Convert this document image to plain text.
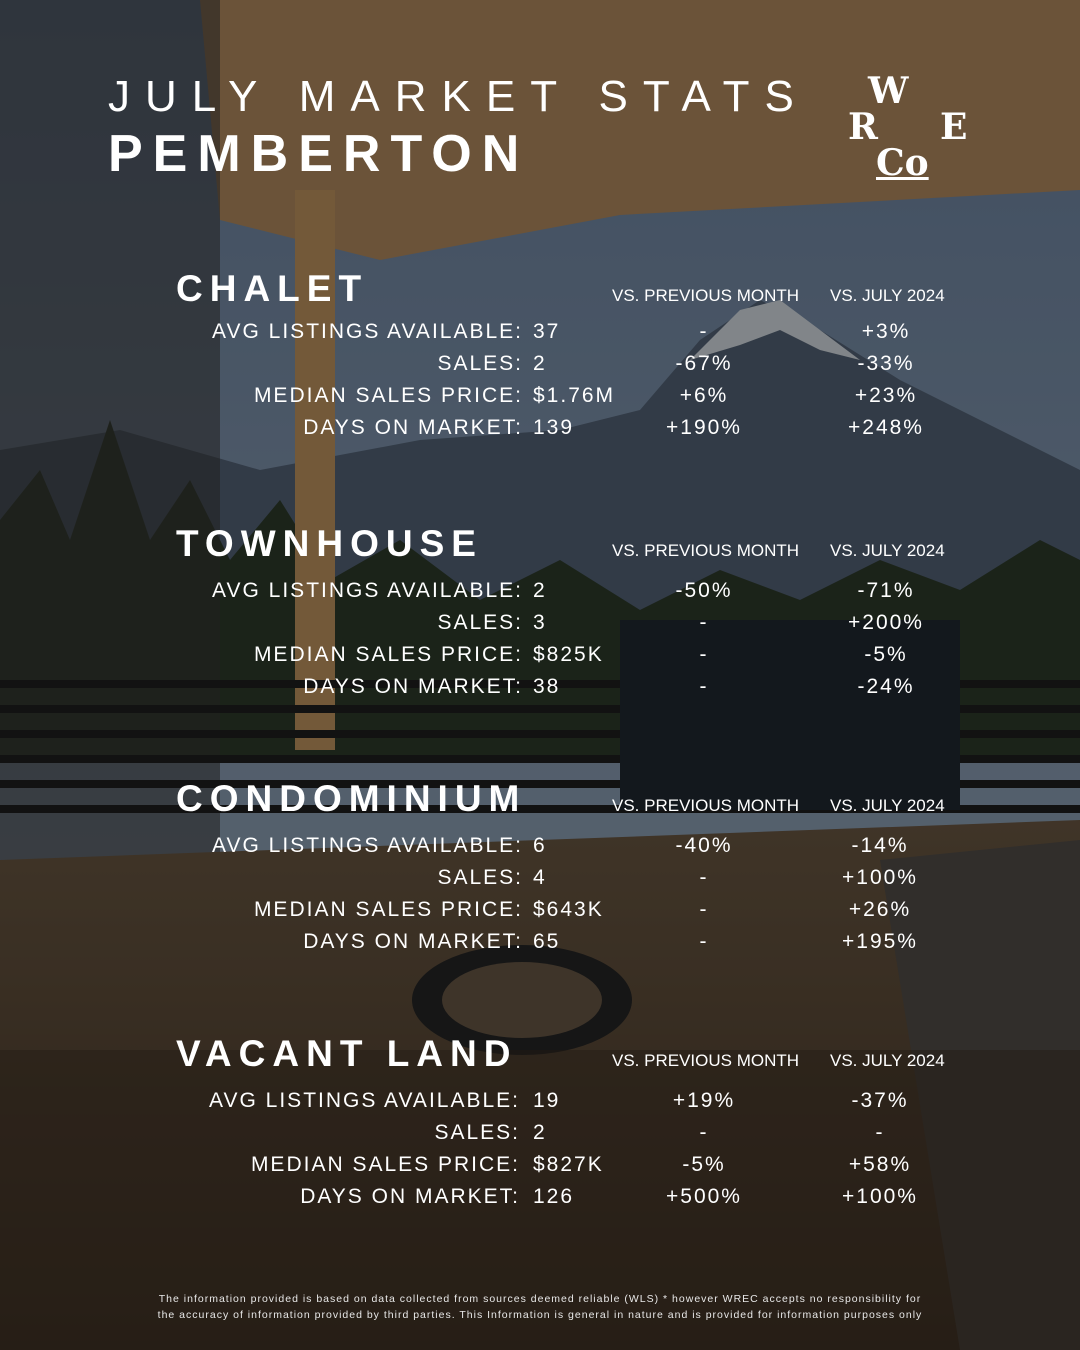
JULY MARKET STATS
PEMBERTON
W
R E
Co
CHALET	VS. PREVIOUS MONTH VS. JULY 2024
AVG LISTINGS AVAILABLE: 37	-	+3%
SALES: 2	-67%	-33%
MEDIAN SALES PRICE: $1.76M	+6%	+23%
DAYS ON MARKET: 139	+190%	+248%
TOWNHOUSE	VS. PREVIOUS MONTH VS. JULY 2024
AVG LISTINGS AVAILABLE: 2	-50%	-71%
SALES: 3	-	+200%
MEDIAN SALES PRICE: $825K	-	-5%
DAYS ON MARKET: 38	-	-24%
CONDOMINIUM	VS. PREVIOUS MONTH VS. JULY 2024
AVG LISTINGS AVAILABLE: 6	-40%	-14%
SALES: 4	-	+100%
MEDIAN SALES PRICE: $643K	-	+26%
DAYS ON MARKET: 65	-	+195%
VACANT LAND	VS. PREVIOUS MONTH VS. JULY 2024
AVG LISTINGS AVAILABLE: 19	+19%	-37%
SALES: 2	-	-
MEDIAN SALES PRICE: $827K	-5%	+58%
DAYS ON MARKET: 126	+500%	+100%
The information provided is based on data collected from sources deemed reliable (WLS) * however WREC accepts no responsibility for
the accuracy of information provided by third parties. This Information is general in nature and is provided for information purposes only
